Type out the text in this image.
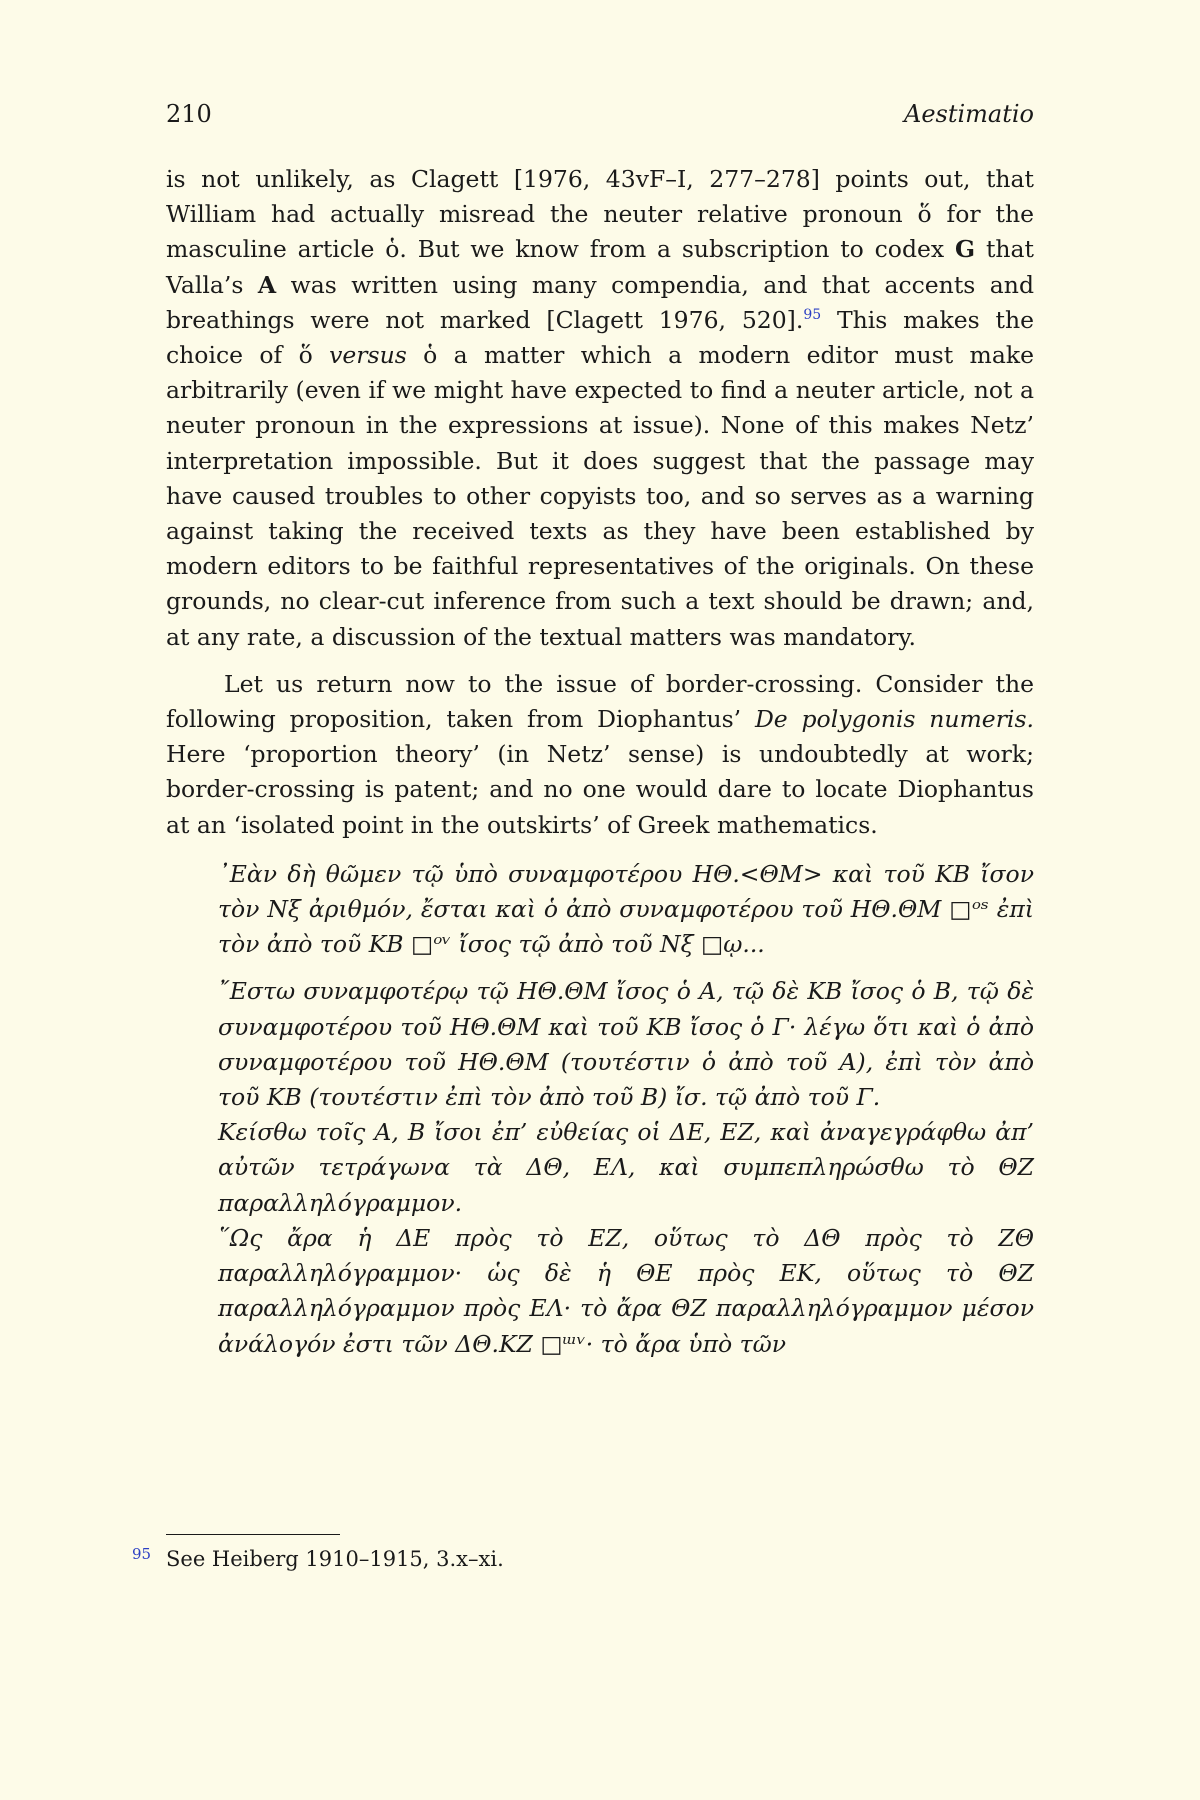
210	Aestimatio

is not unlikely, as Clagett [1976, 43vF–I, 277–278] points out, that William had actually misread the neuter relative pronoun ὅ for the masculine article ὁ. But we know from a subscription to codex G that Valla’s A was written using many compendia, and that accents and breathings were not marked [Clagett 1976, 520].$^{95}$ This makes the choice of ὅ versus ὁ a matter which a modern editor must make arbitrarily (even if we might have expected to find a neuter article, not a neuter pronoun in the expressions at issue). None of this makes Netz’ interpretation impossible. But it does suggest that the passage may have caused troubles to other copyists too, and so serves as a warning against taking the received texts as they have been established by modern editors to be faithful representatives of the originals. On these grounds, no clear-cut inference from such a text should be drawn; and, at any rate, a discussion of the textual matters was mandatory.

Let us return now to the issue of border-crossing. Consider the following proposition, taken from Diophantus’ De polygonis numeris. Here ‘proportion theory’ (in Netz’ sense) is undoubtedly at work; border-crossing is patent; and no one would dare to locate Diophantus at an ‘isolated point in the outskirts’ of Greek mathematics.

᾿Εὰν δὴ θῶμεν τῷ ὑπὸ συναμφοτέρου ΗΘ.<ΘΜ> καὶ τοῦ ΚΒ ἴσον τὸν Νξ ἀριθμόν, ἔσται καὶ ὁ ἀπὸ συναμφοτέρου τοῦ ΗΘ.ΘΜ □ᵒˢ ἐπὶ τὸν ἀπὸ τοῦ ΚΒ □ᵒᵛ ἴσος τῷ ἀπὸ τοῦ Νξ □ῳ...

῎Εστω συναμφοτέρῳ τῷ ΗΘ.ΘΜ ἴσος ὁ Α, τῷ δὲ ΚΒ ἴσος ὁ Β, τῷ δὲ συναμφοτέρου τοῦ ΗΘ.ΘΜ καὶ τοῦ ΚΒ ἴσος ὁ Γ· λέγω ὅτι καὶ ὁ ἀπὸ συναμφοτέρου τοῦ ΗΘ.ΘΜ (τουτέστιν ὁ ἀπὸ τοῦ Α), ἐπὶ τὸν ἀπὸ τοῦ ΚΒ (τουτέστιν ἐπὶ τὸν ἀπὸ τοῦ Β) ἴσ. τῷ ἀπὸ τοῦ Γ.

Κείσθω τοῖς Α, Β ἴσοι ἐπ’ εὐθείας οἱ ΔΕ, ΕΖ, καὶ ἀναγεγράφθω ἀπ’ αὐτῶν τετράγωνα τὰ ΔΘ, ΕΛ, καὶ συμπεπληρώσθω τὸ ΘΖ παραλληλόγραμμον.

῞Ως ἄρα ἡ ΔΕ πρὸς τὸ ΕΖ, οὕτως τὸ ΔΘ πρὸς τὸ ΖΘ παραλληλόγραμμον· ὡς δὲ ἡ ΘΕ πρὸς ΕΚ, οὕτως τὸ ΘΖ παραλληλόγραμμον πρὸς ΕΛ· τὸ ἄρα ΘΖ παραλληλόγραμμον μέσον ἀνάλογόν ἐστι τῶν ΔΘ.ΚΖ □ᵚᵛ· τὸ ἄρα ὑπὸ τῶν

95 See Heiberg 1910–1915, 3.x–xi.
